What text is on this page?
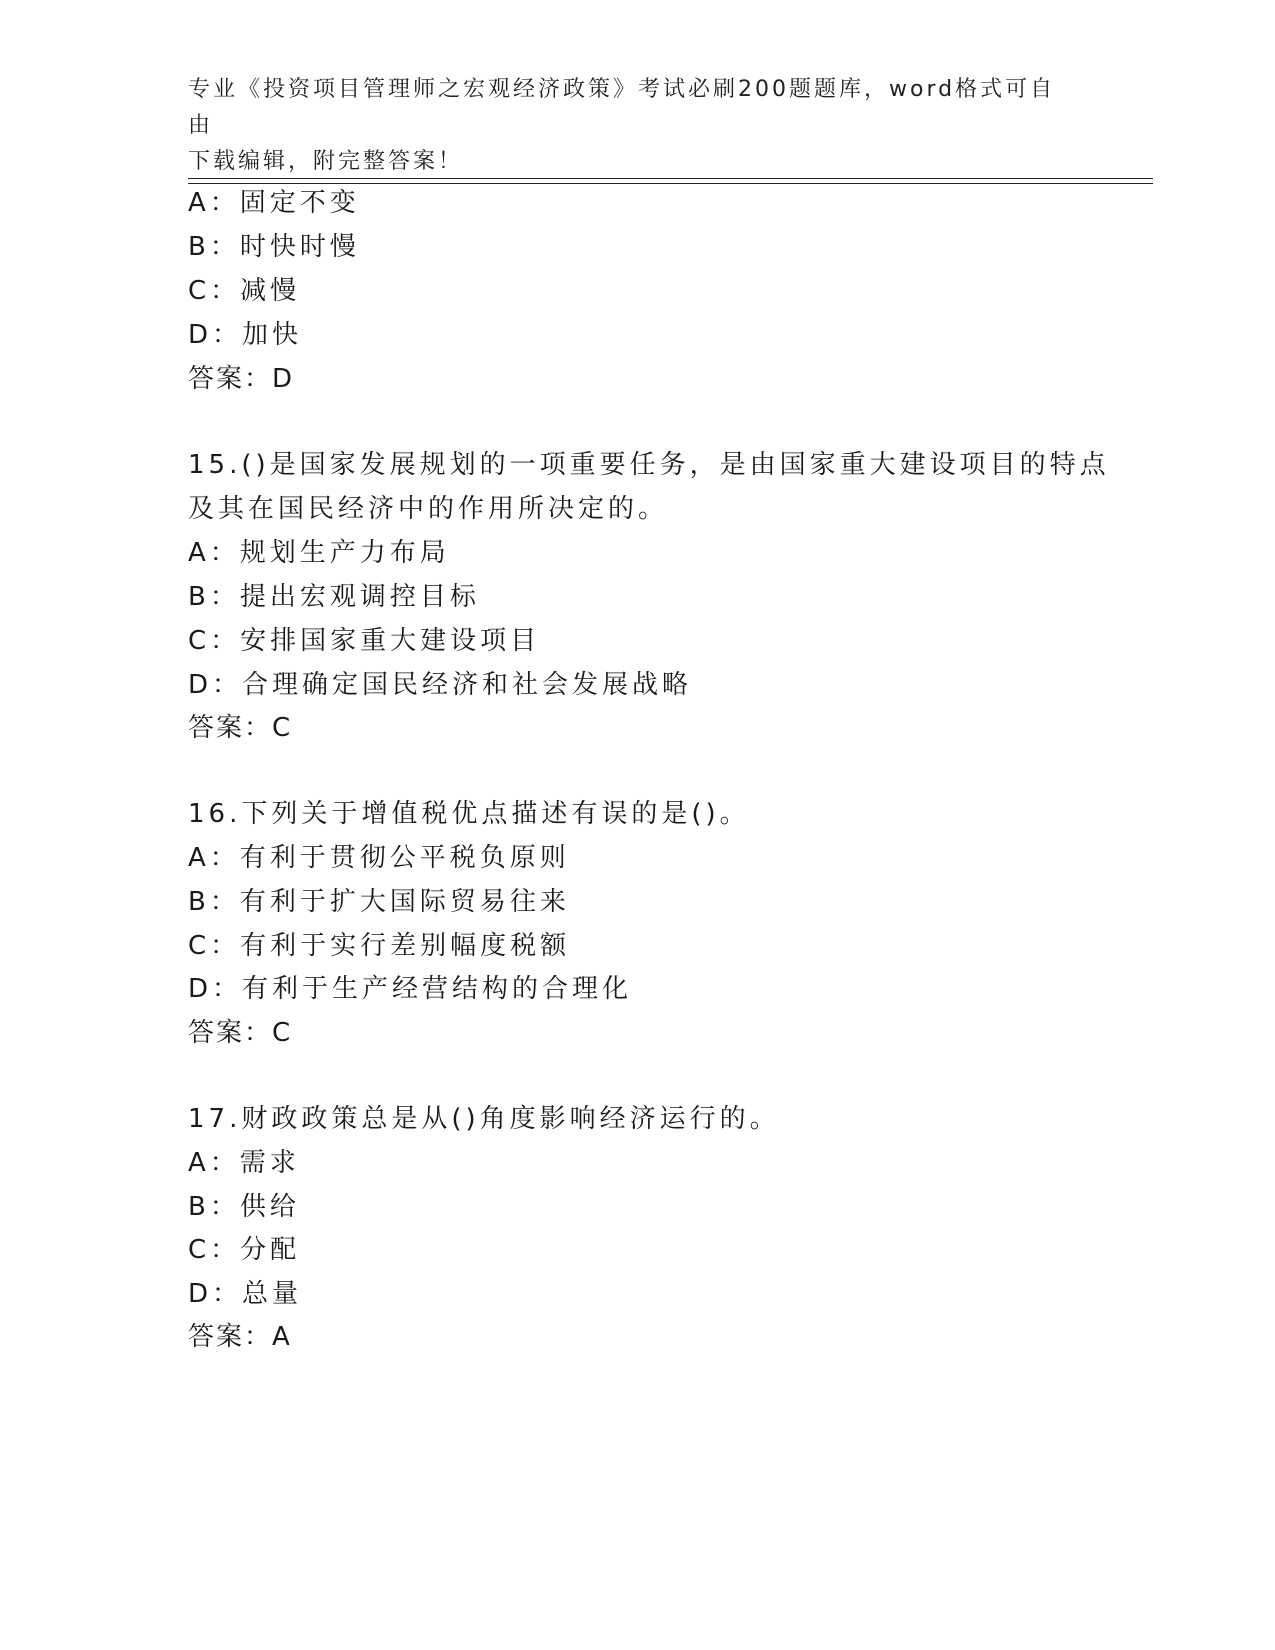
专业《投资项目管理师之宏观经济政策》考试必刷200题题库，word格式可自由
下载编辑，附完整答案！
A：固定不变
B：时快时慢
C：减慢
D：加快
答案：D
15.()是国家发展规划的一项重要任务，是由国家重大建设项目的特点
及其在国民经济中的作用所决定的。
A：规划生产力布局
B：提出宏观调控目标
C：安排国家重大建设项目
D：合理确定国民经济和社会发展战略
答案：C
16.下列关于增值税优点描述有误的是()。
A：有利于贯彻公平税负原则
B：有利于扩大国际贸易往来
C：有利于实行差别幅度税额
D：有利于生产经营结构的合理化
答案：C
17.财政政策总是从()角度影响经济运行的。
A：需求
B：供给
C：分配
D：总量
答案：A
